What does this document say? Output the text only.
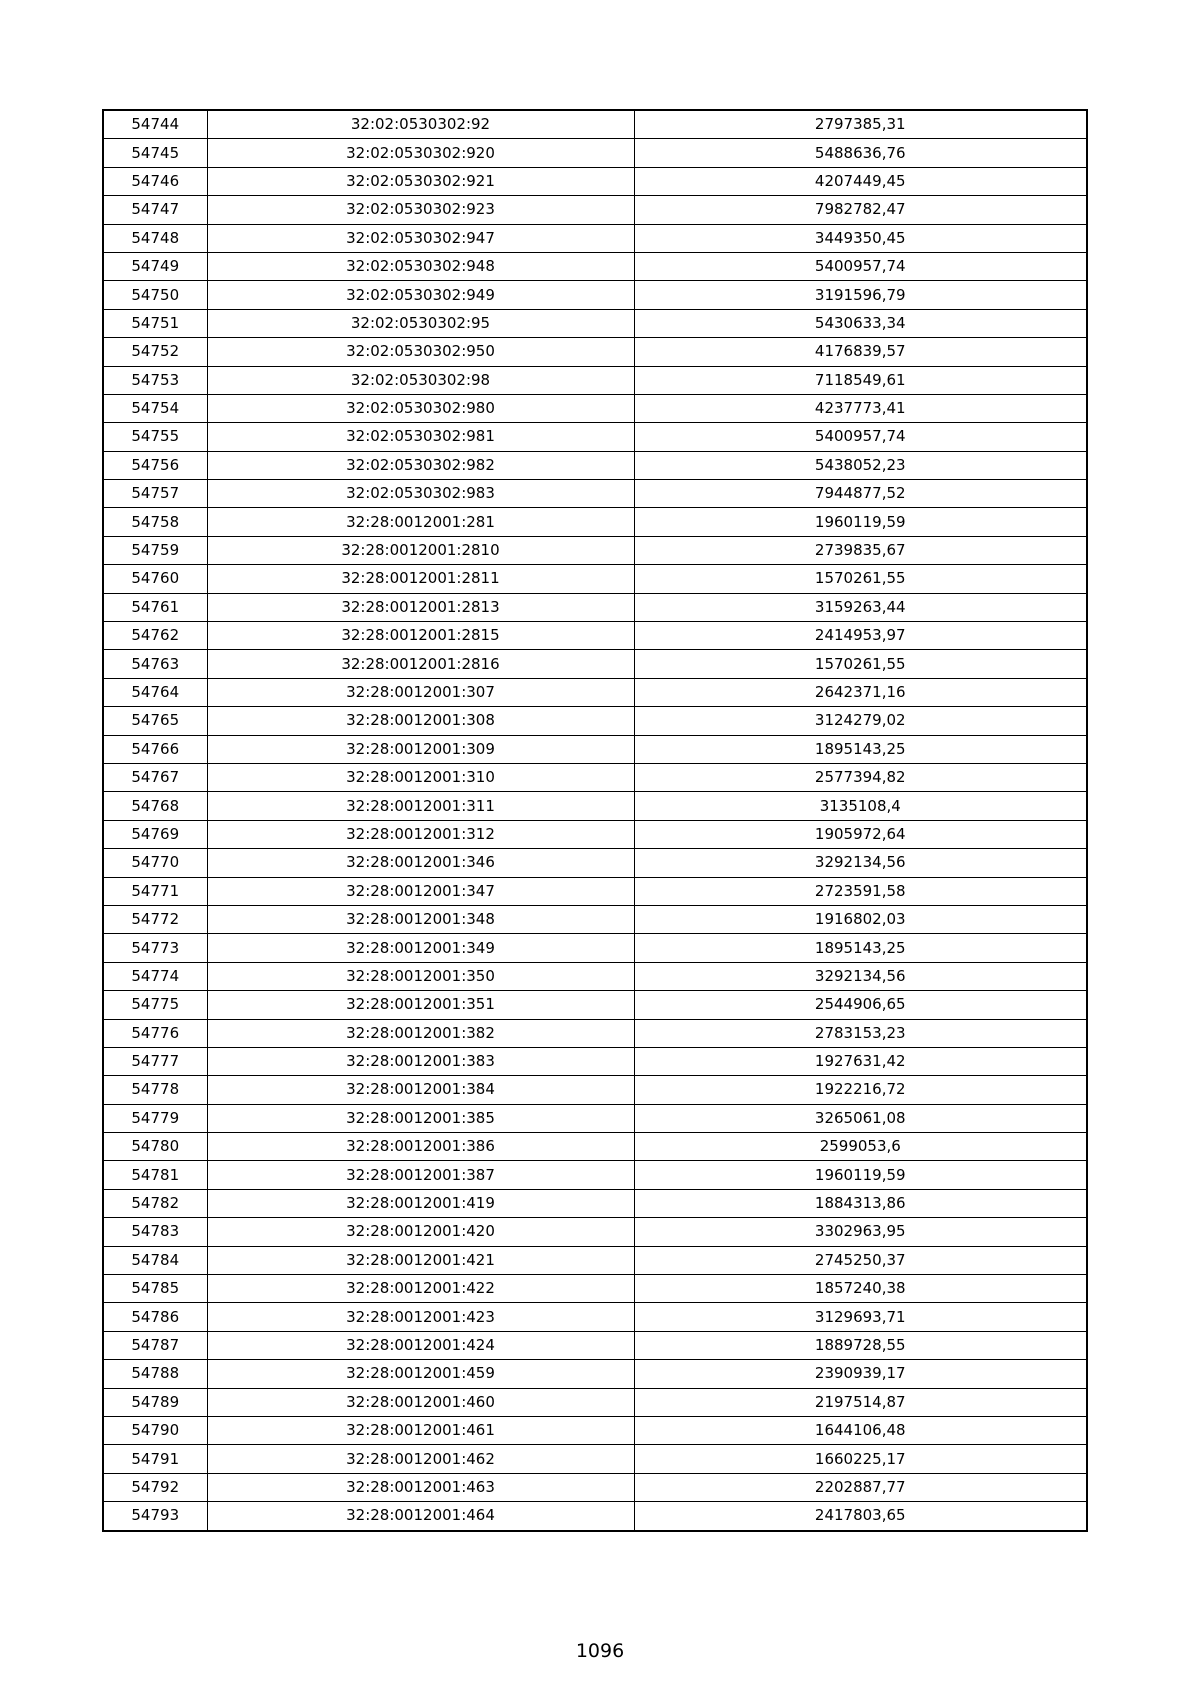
54744	32:02:0530302:92	2797385,31
54745	32:02:0530302:920	5488636,76
54746	32:02:0530302:921	4207449,45
54747	32:02:0530302:923	7982782,47
54748	32:02:0530302:947	3449350,45
54749	32:02:0530302:948	5400957,74
54750	32:02:0530302:949	3191596,79
54751	32:02:0530302:95	5430633,34
54752	32:02:0530302:950	4176839,57
54753	32:02:0530302:98	7118549,61
54754	32:02:0530302:980	4237773,41
54755	32:02:0530302:981	5400957,74
54756	32:02:0530302:982	5438052,23
54757	32:02:0530302:983	7944877,52
54758	32:28:0012001:281	1960119,59
54759	32:28:0012001:2810	2739835,67
54760	32:28:0012001:2811	1570261,55
54761	32:28:0012001:2813	3159263,44
54762	32:28:0012001:2815	2414953,97
54763	32:28:0012001:2816	1570261,55
54764	32:28:0012001:307	2642371,16
54765	32:28:0012001:308	3124279,02
54766	32:28:0012001:309	1895143,25
54767	32:28:0012001:310	2577394,82
54768	32:28:0012001:311	3135108,4
54769	32:28:0012001:312	1905972,64
54770	32:28:0012001:346	3292134,56
54771	32:28:0012001:347	2723591,58
54772	32:28:0012001:348	1916802,03
54773	32:28:0012001:349	1895143,25
54774	32:28:0012001:350	3292134,56
54775	32:28:0012001:351	2544906,65
54776	32:28:0012001:382	2783153,23
54777	32:28:0012001:383	1927631,42
54778	32:28:0012001:384	1922216,72
54779	32:28:0012001:385	3265061,08
54780	32:28:0012001:386	2599053,6
54781	32:28:0012001:387	1960119,59
54782	32:28:0012001:419	1884313,86
54783	32:28:0012001:420	3302963,95
54784	32:28:0012001:421	2745250,37
54785	32:28:0012001:422	1857240,38
54786	32:28:0012001:423	3129693,71
54787	32:28:0012001:424	1889728,55
54788	32:28:0012001:459	2390939,17
54789	32:28:0012001:460	2197514,87
54790	32:28:0012001:461	1644106,48
54791	32:28:0012001:462	1660225,17
54792	32:28:0012001:463	2202887,77
54793	32:28:0012001:464	2417803,65
1096
